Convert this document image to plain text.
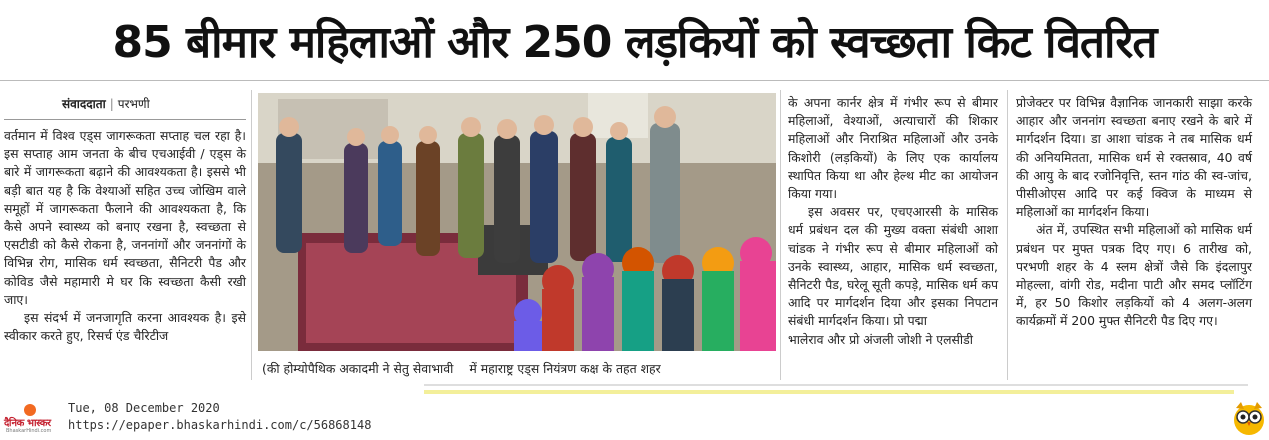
85 बीमार महिलाओं और 250 लड़कियों को स्वच्छता किट वितरित
संवाददाता | परभणी

वर्तमान में विश्व एड्स जागरूकता सप्ताह चल रहा है। इस सप्ताह आम जनता के बीच एचआईवी / एड्स के बारे में जागरूकता बढ़ाने की आवश्यकता है। इससे भी बड़ी बात यह है कि वेश्याओं सहित उच्च जोखिम वाले समूहों में जागरूकता फैलाने की आवश्यकता है, कि कैसे अपने स्वास्थ्य को बनाए रखना है, स्वच्छता से एसटीडी को कैसे रोकना है, जननांगों और जननांगों के विभिन्न रोग, मासिक धर्म स्वच्छता, सैनिटरी पैड और कोविड जैसे महामारी मे घर कि स्वच्छता कैसी रखी जाए।

इस संदर्भ में जनजागृति करना आवश्यक है। इसे स्वीकार करते हुए, रिसर्च एंड चैरिटीज

(की होम्योपैथिक अकादमी ने सेतु सेवाभावी में महाराष्ट्र एड्स नियंत्रण कक्ष के तहत शहर

के अपना कार्नर क्षेत्र में गंभीर रूप से बीमार महिलाओं, वेश्याओं, अत्याचारों की शिकार महिलाओं और निराश्रित महिलाओं और उनके किशोरी (लड़कियों) के लिए एक कार्यालय स्थापित किया था और हेल्थ मीट का आयोजन किया गया।

इस अवसर पर, एचएआरसी के मासिक धर्म प्रबंधन दल की मुख्य वक्ता संबंधी आशा चांडक ने गंभीर रूप से बीमार महिलाओं को उनके स्वास्थ्य, आहार, मासिक धर्म स्वच्छता, सैनिटरी पैड, घरेलू सूती कपड़े, मासिक धर्म कप आदि पर मार्गदर्शन दिया और इसका निपटान संबंधी मार्गदर्शन किया। प्रो पद्मा

भालेराव और प्रो अंजली जोशी ने एलसीडी

प्रोजेक्टर पर विभिन्न वैज्ञानिक जानकारी साझा करके आहार और जननांग स्वच्छता बनाए रखने के बारे में मार्गदर्शन दिया। डा आशा चांडक ने तब मासिक धर्म की अनियमितता, मासिक धर्म से रक्तस्राव, 40 वर्ष की आयु के बाद रजोनिवृत्ति, स्तन गांठ की स्व-जांच, पीसीओएस आदि पर कई क्विज के माध्यम से महिलाओं का मार्गदर्शन किया।

अंत में, उपस्थित सभी महिलाओं को मासिक धर्म प्रबंधन पर मुफ्त पत्रक दिए गए। 6 तारीख को, परभणी शहर के 4 स्लम क्षेत्रों जैसे कि इंदलापुर मोहल्ला, वांगी रोड, मदीना पाटी और समद प्लॉटिंग में, हर 50 किशोर लड़कियों को 4 अलग-अलग कार्यक्रमों में 200 मुफ्त सैनिटरी पैड दिए गए।

दैनिक भास्कर
BhaskarHindi.com
Tue, 08 December 2020
https://epaper.bhaskarhindi.com/c/56868148
